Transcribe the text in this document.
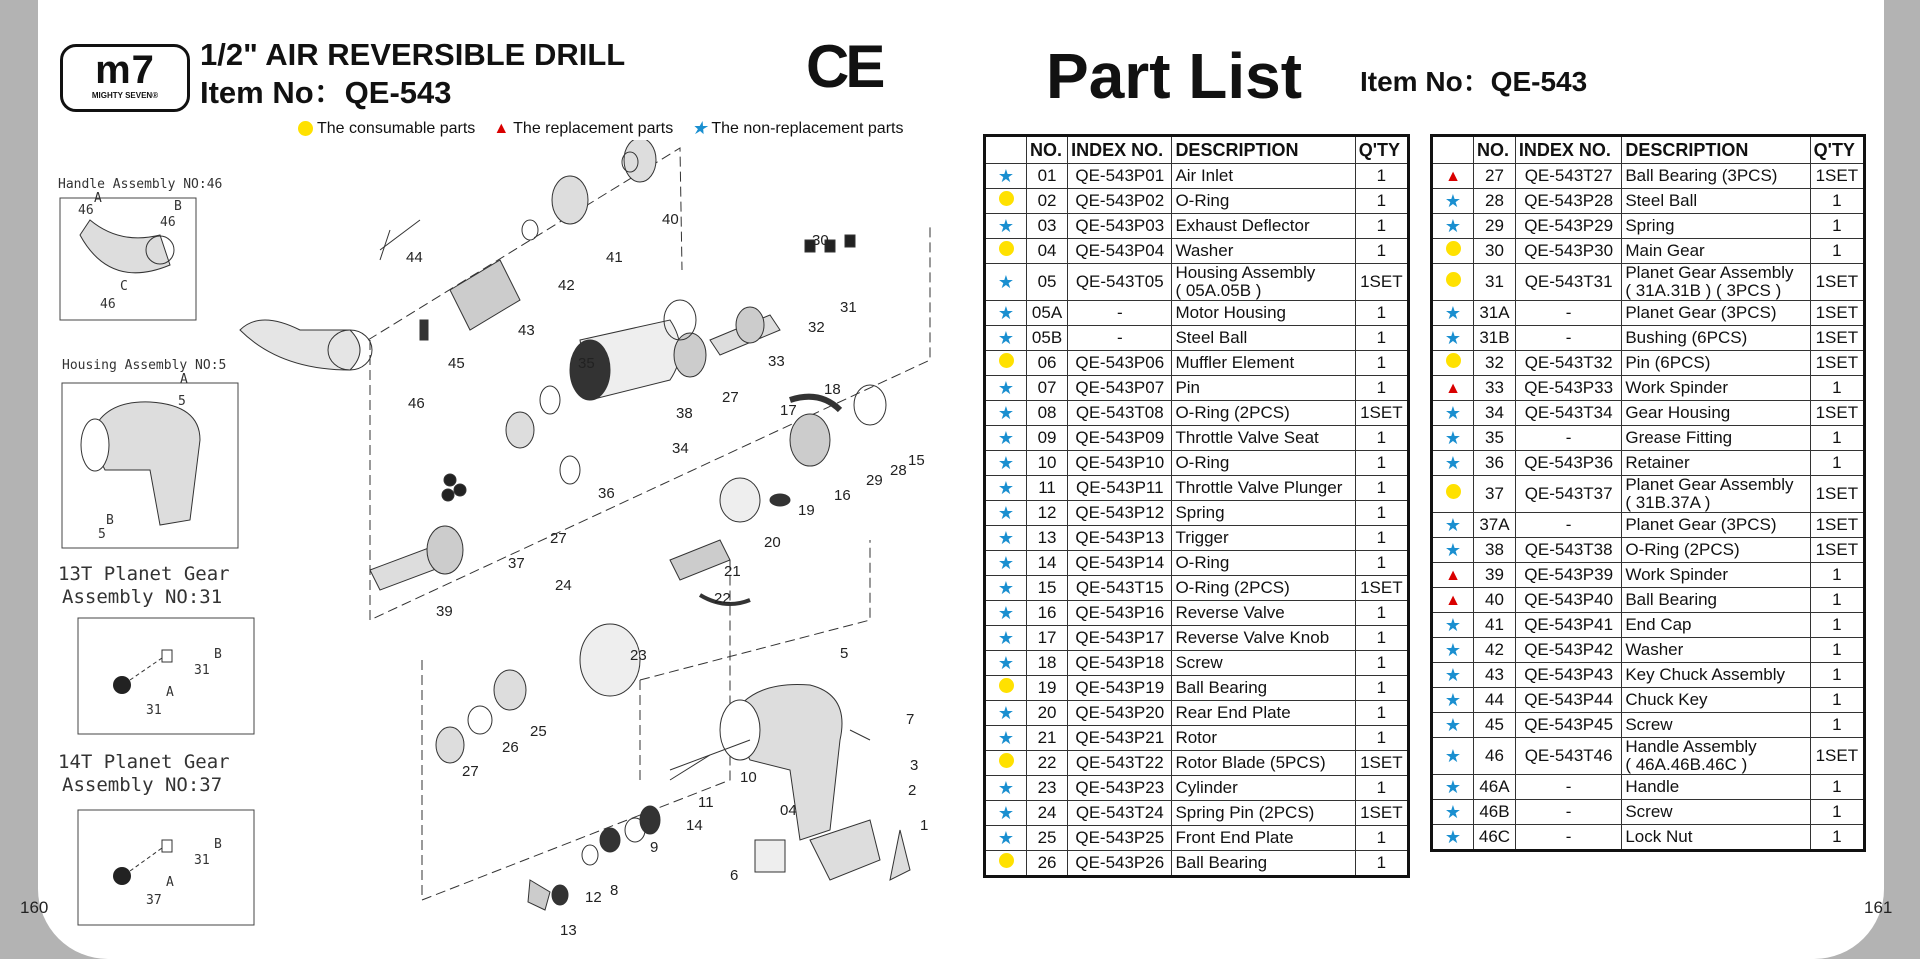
160	161
m7
MIGHTY SEVEN®
1/2" AIR REVERSIBLE DRILL
Item No：QE-543	CE
The consumable parts ▲ The replacement parts ★ The non-replacement parts
Part List Item No：QE-543
Handle Assembly NO:46
46
A
B
46
C
46
Housing Assembly NO:5
A
5
B
5
13T Planet Gear
Assembly NO:31
B
31
A
31
14T Planet Gear
Assembly NO:37
B
31
A
37
1
2
3
04
5
6
7
8
9
10
11
12
13
14
15
16
17
18
19
20
21
22
23
24
25
26
27
27
27
28
29
30
31
32
33
34
35
36
37
38
39
40
41
42
43
44
45
46
	NO.	INDEX NO.	DESCRIPTION	Q'TY
★	01	QE-543P01	Air Inlet	1
	02	QE-543P02	O-Ring	1
★	03	QE-543P03	Exhaust Deflector	1
	04	QE-543P04	Washer	1
★	05	QE-543T05	Housing Assembly
( 05A.05B )	1SET
★	05A	-	Motor Housing	1
★	05B	-	Steel Ball	1
	06	QE-543P06	Muffler Element	1
★	07	QE-543P07	Pin	1
★	08	QE-543T08	O-Ring (2PCS)	1SET
★	09	QE-543P09	Throttle Valve Seat	1
★	10	QE-543P10	O-Ring	1
★	11	QE-543P11	Throttle Valve Plunger	1
★	12	QE-543P12	Spring	1
★	13	QE-543P13	Trigger	1
★	14	QE-543P14	O-Ring	1
★	15	QE-543T15	O-Ring (2PCS)	1SET
★	16	QE-543P16	Reverse Valve	1
★	17	QE-543P17	Reverse Valve Knob	1
★	18	QE-543P18	Screw	1
	19	QE-543P19	Ball Bearing	1
★	20	QE-543P20	Rear End Plate	1
★	21	QE-543P21	Rotor	1
	22	QE-543T22	Rotor Blade (5PCS)	1SET
★	23	QE-543P23	Cylinder	1
★	24	QE-543T24	Spring Pin (2PCS)	1SET
★	25	QE-543P25	Front End Plate	1
	26	QE-543P26	Ball Bearing	1
	NO.	INDEX NO.	DESCRIPTION	Q'TY
▲	27	QE-543T27	Ball Bearing (3PCS)	1SET
★	28	QE-543P28	Steel Ball	1
★	29	QE-543P29	Spring	1
	30	QE-543P30	Main Gear	1
	31	QE-543T31	Planet Gear Assembly
( 31A.31B ) ( 3PCS )	1SET
★	31A	-	Planet Gear (3PCS)	1SET
★	31B	-	Bushing (6PCS)	1SET
	32	QE-543T32	Pin (6PCS)	1SET
▲	33	QE-543P33	Work Spinder	1
★	34	QE-543T34	Gear Housing	1SET
★	35	-	Grease Fitting	1
★	36	QE-543P36	Retainer	1
	37	QE-543T37	Planet Gear Assembly
( 31B.37A )	1SET
★	37A	-	Planet Gear (3PCS)	1SET
★	38	QE-543T38	O-Ring (2PCS)	1SET
▲	39	QE-543P39	Work Spinder	1
▲	40	QE-543P40	Ball Bearing	1
★	41	QE-543P41	End Cap	1
★	42	QE-543P42	Washer	1
★	43	QE-543P43	Key Chuck Assembly	1
★	44	QE-543P44	Chuck Key	1
★	45	QE-543P45	Screw	1
★	46	QE-543T46	Handle Assembly
( 46A.46B.46C )	1SET
★	46A	-	Handle	1
★	46B	-	Screw	1
★	46C	-	Lock Nut	1
